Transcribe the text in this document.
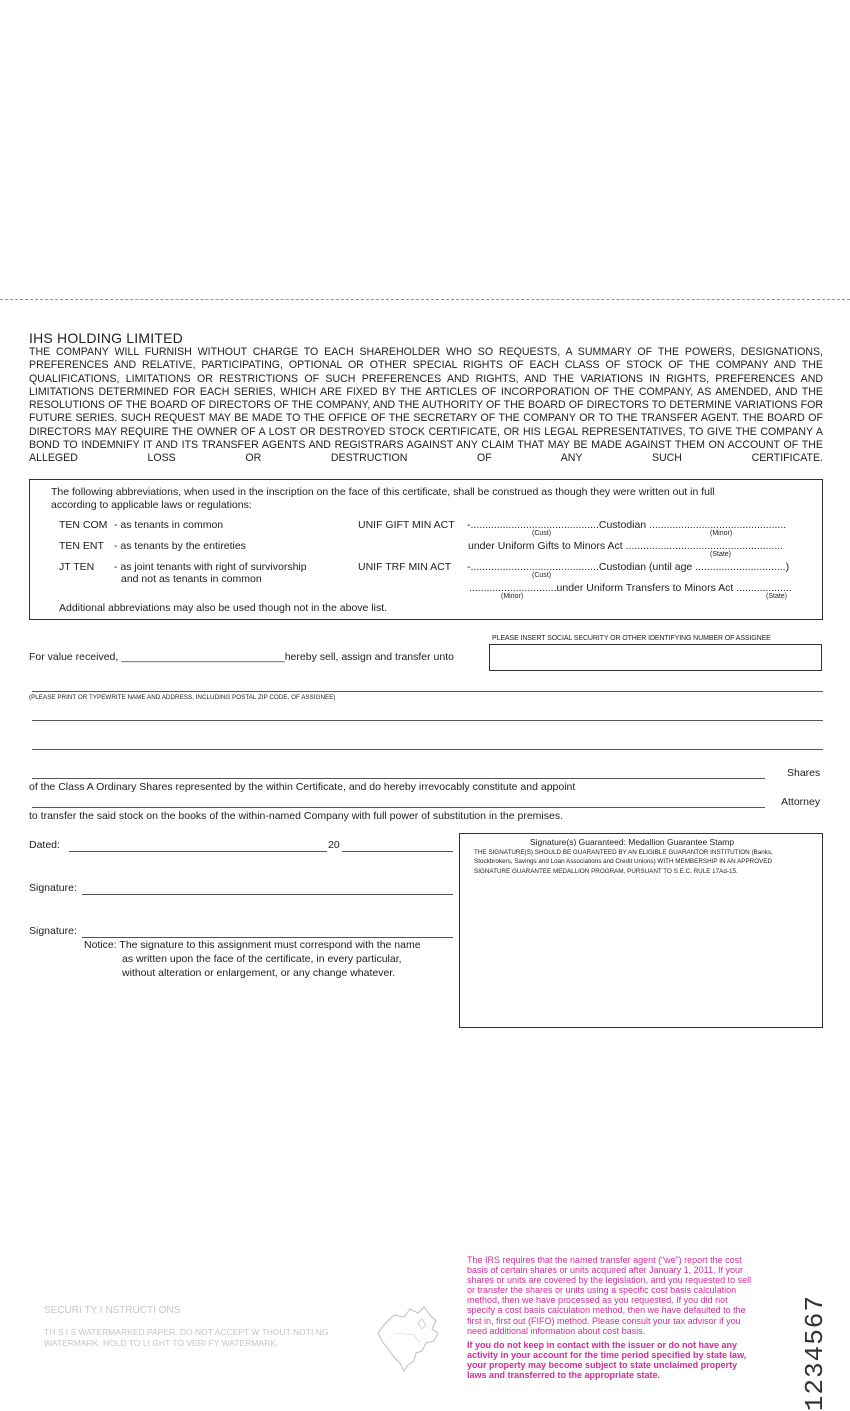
IHS HOLDING LIMITED
THE COMPANY WILL FURNISH WITHOUT CHARGE TO EACH SHAREHOLDER WHO SO REQUESTS, A SUMMARY OF THE POWERS, DESIGNATIONS, PREFERENCES AND RELATIVE, PARTICIPATING, OPTIONAL OR OTHER SPECIAL RIGHTS OF EACH CLASS OF STOCK OF THE COMPANY AND THE QUALIFICATIONS, LIMITATIONS OR RESTRICTIONS OF SUCH PREFERENCES AND RIGHTS, AND THE VARIATIONS IN RIGHTS, PREFERENCES AND LIMITATIONS DETERMINED FOR EACH SERIES, WHICH ARE FIXED BY THE ARTICLES OF INCORPORATION OF THE COMPANY, AS AMENDED, AND THE RESOLUTIONS OF THE BOARD OF DIRECTORS OF THE COMPANY, AND THE AUTHORITY OF THE BOARD OF DIRECTORS TO DETERMINE VARIATIONS FOR FUTURE SERIES. SUCH REQUEST MAY BE MADE TO THE OFFICE OF THE SECRETARY OF THE COMPANY OR TO THE TRANSFER AGENT. THE BOARD OF DIRECTORS MAY REQUIRE THE OWNER OF A LOST OR DESTROYED STOCK CERTIFICATE, OR HIS LEGAL REPRESENTATIVES, TO GIVE THE COMPANY A BOND TO INDEMNIFY IT AND ITS TRANSFER AGENTS AND REGISTRARS AGAINST ANY CLAIM THAT MAY BE MADE AGAINST THEM ON ACCOUNT OF THE ALLEGED LOSS OR DESTRUCTION OF ANY SUCH CERTIFICATE.
The following abbreviations, when used in the inscription on the face of this certificate, shall be construed as though they were written out in full
according to applicable laws or regulations:
TEN COM - as tenants in common
TEN ENT - as tenants by the entireties
JT TEN - as joint tenants with right of survivorship
and not as tenants in common
UNIF GIFT MIN ACT -............................................Custodian ...............................................
(Cust)	(Minor)
under Uniform Gifts to Minors Act ......................................................
(State)
UNIF TRF MIN ACT -............................................Custodian (until age ...............................)
(Cust)
..............................under Uniform Transfers to Minors Act ...................
(Minor)	(State)
Additional abbreviations may also be used though not in the above list.
PLEASE INSERT SOCIAL SECURITY OR OTHER IDENTIFYING NUMBER OF ASSIGNEE
For value received, ____________________________hereby sell, assign and transfer unto
(PLEASE PRINT OR TYPEWRITE NAME AND ADDRESS, INCLUDING POSTAL ZIP CODE, OF ASSIGNEE)
Shares
of the Class A Ordinary Shares represented by the within Certificate, and do hereby irrevocably constitute and appoint
Attorney
to transfer the said stock on the books of the within-named Company with full power of substitution in the premises.
Dated:	20
Signature:
Signature:
Notice: The signature to this assignment must correspond with the name
as written upon the face of the certificate, in every particular,
without alteration or enlargement, or any change whatever.
Signature(s) Guaranteed: Medallion Guarantee Stamp
THE SIGNATURE(S) SHOULD BE GUARANTEED BY AN ELIGIBLE GUARANTOR INSTITUTION (Banks,
Stockbrokers, Savings and Loan Associations and Credit Unions) WITH MEMBERSHIP IN AN APPROVED
SIGNATURE GUARANTEE MEDALLION PROGRAM, PURSUANT TO S.E.C. RULE 17Ad-15.
SECURI TY I NSTRUCTI ONS
TH S I S WATERMARKED PAPER. DO NOT ACCEPT W THOUT NOTI NG
WATERMARK. HOLD TO LI GHT TO VERI FY WATERMARK.
The IRS requires that the named transfer agent (“we”) report the cost
basis of certain shares or units acquired after January 1, 2011. If your
shares or units are covered by the legislation, and you requested to sell
or transfer the shares or units using a specific cost basis calculation
method, then we have processed as you requested. If you did not
specify a cost basis calculation method, then we have defaulted to the
first in, first out (FIFO) method. Please consult your tax advisor if you
need additional information about cost basis.
If you do not keep in contact with the issuer or do not have any
activity in your account for the time period specified by state law,
your property may become subject to state unclaimed property
laws and transferred to the appropriate state.	1234567
